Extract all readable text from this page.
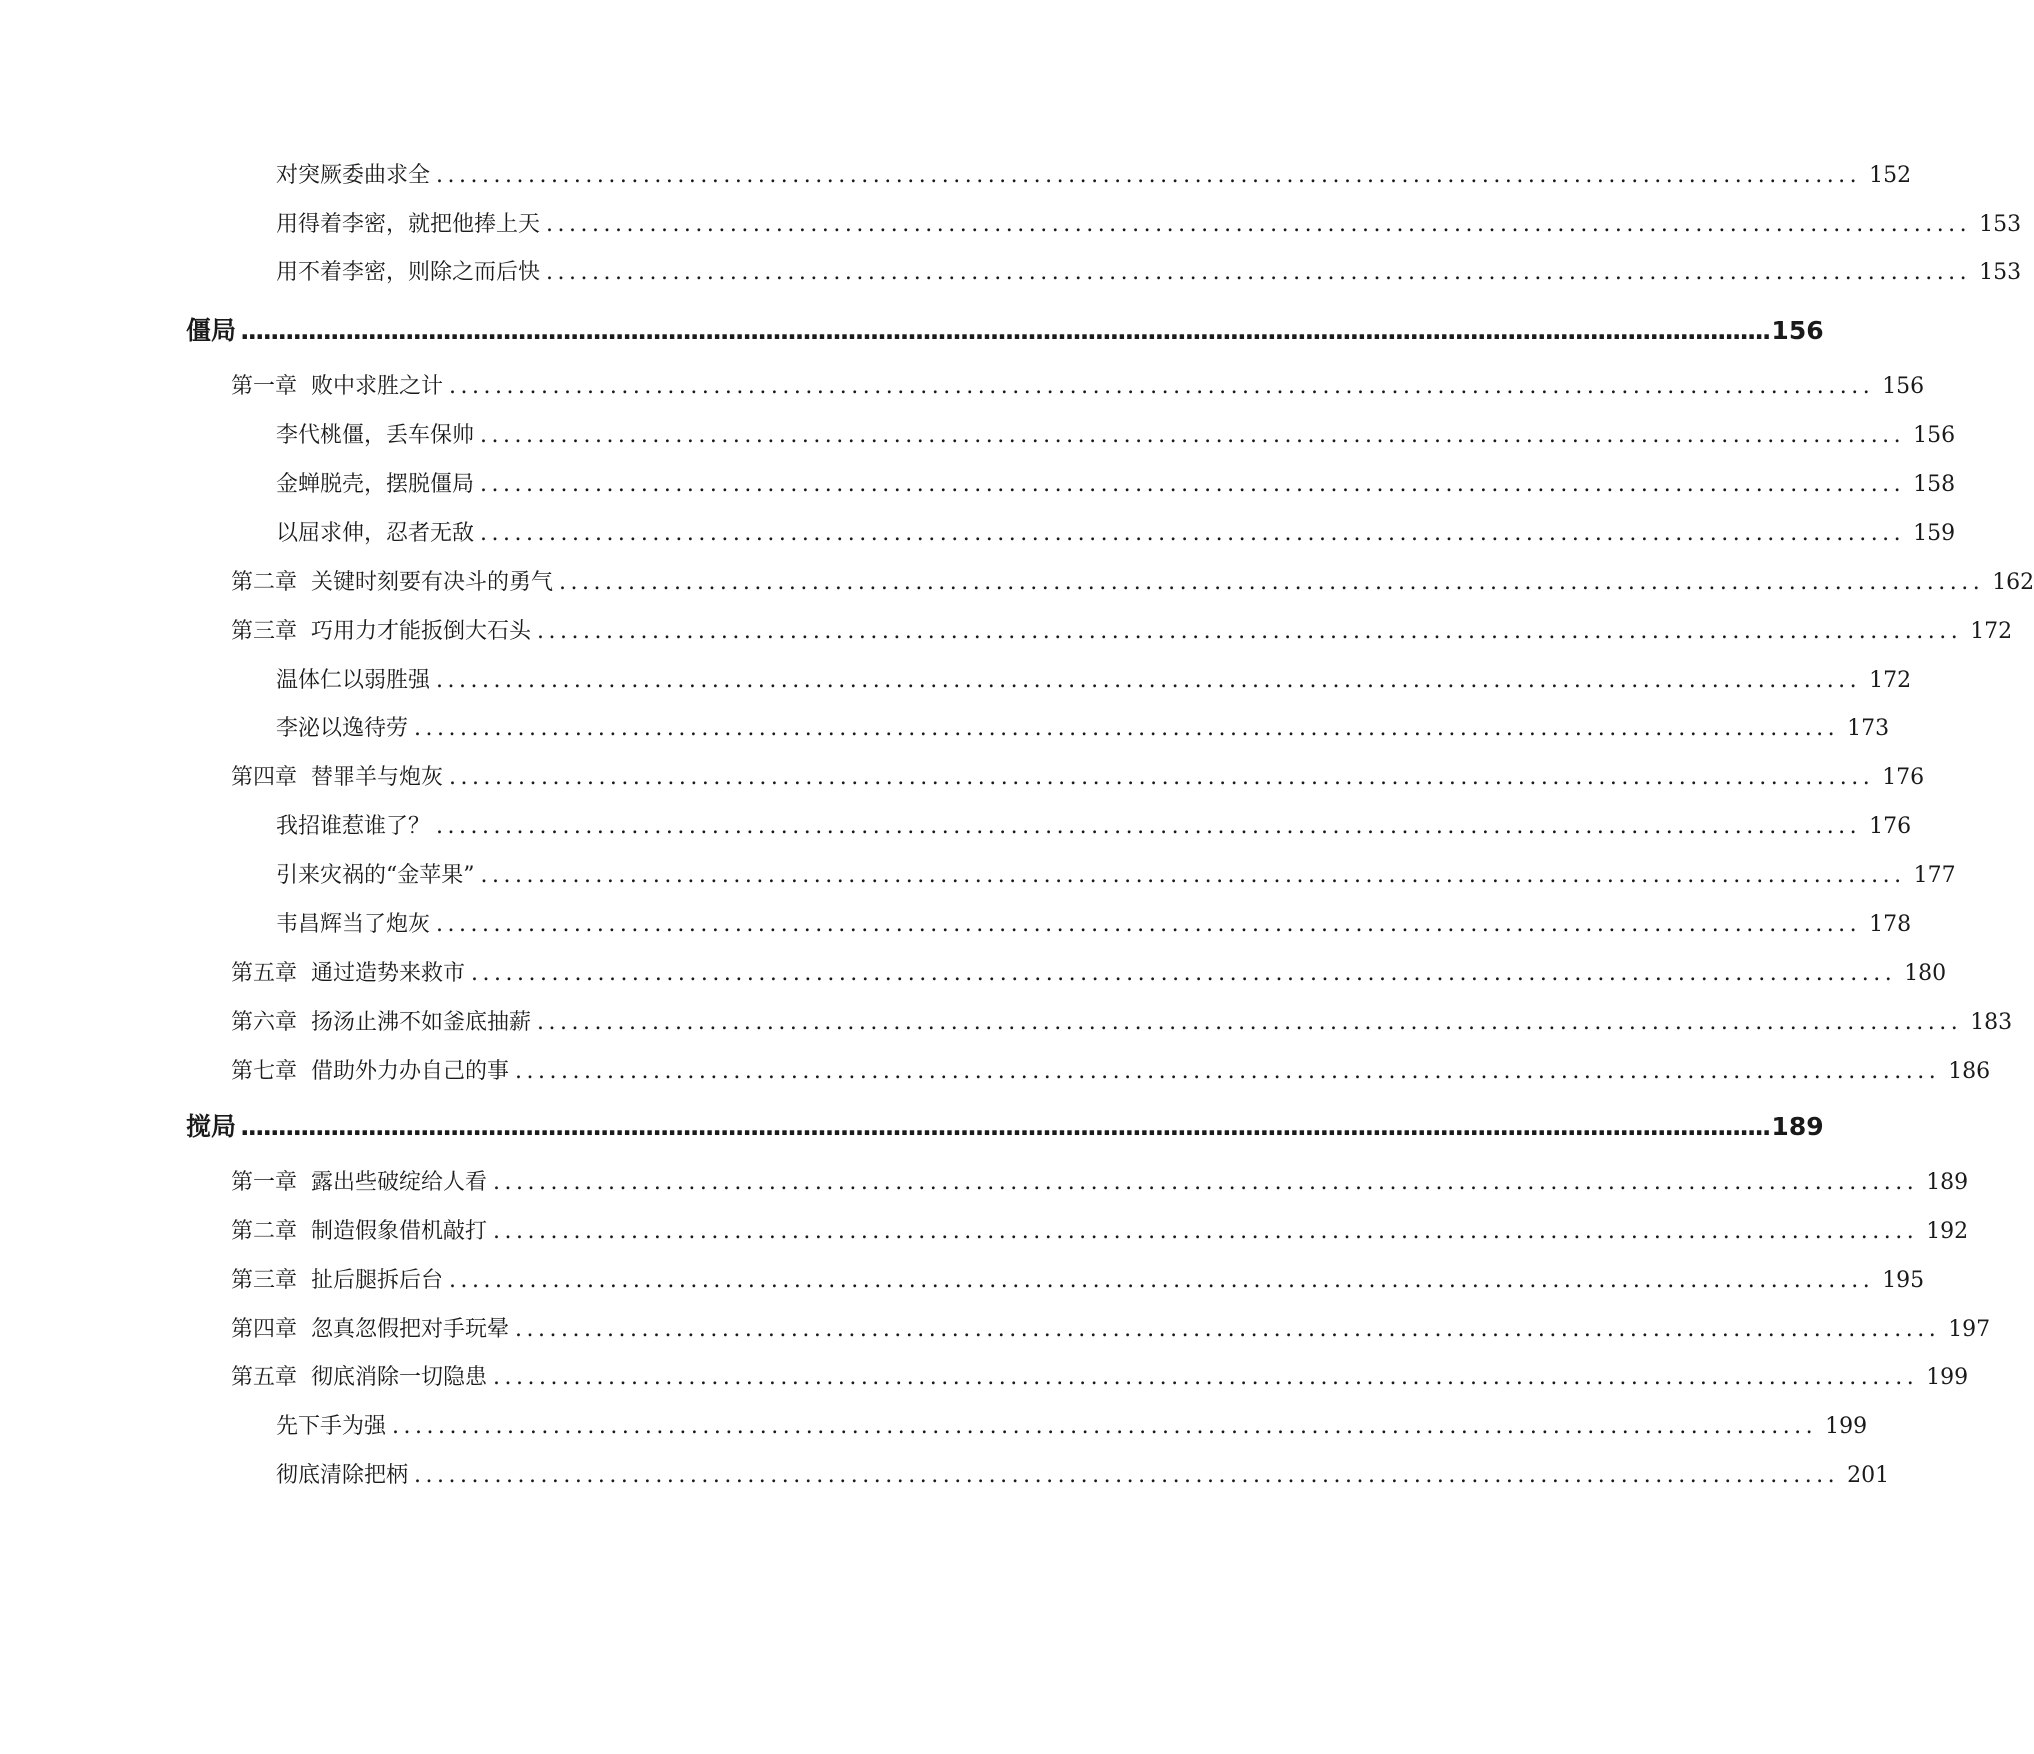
对突厥委曲求全 ............................................................................................................................ 152
用得着李密，就把他捧上天 ............................................................................................................................ 153
用不着李密，则除之而后快 ............................................................................................................................ 153
僵局 ............................................................................................................................................................................................................ 156
第一章 败中求胜之计 ............................................................................................................................ 156
李代桃僵，丢车保帅 ............................................................................................................................ 156
金蝉脱壳，摆脱僵局 ............................................................................................................................ 158
以屈求伸，忍者无敌 ............................................................................................................................ 159
第二章 关键时刻要有决斗的勇气 ............................................................................................................................ 162
第三章 巧用力才能扳倒大石头 ............................................................................................................................ 172
温体仁以弱胜强 ............................................................................................................................ 172
李泌以逸待劳 ............................................................................................................................ 173
第四章 替罪羊与炮灰 ............................................................................................................................ 176
我招谁惹谁了？ ............................................................................................................................ 176
引来灾祸的“金苹果” ............................................................................................................................ 177
韦昌辉当了炮灰 ............................................................................................................................ 178
第五章 通过造势来救市 ............................................................................................................................ 180
第六章 扬汤止沸不如釜底抽薪 ............................................................................................................................ 183
第七章 借助外力办自己的事 ............................................................................................................................ 186
搅局 ............................................................................................................................................................................................................ 189
第一章 露出些破绽给人看 ............................................................................................................................ 189
第二章 制造假象借机敲打 ............................................................................................................................ 192
第三章 扯后腿拆后台 ............................................................................................................................ 195
第四章 忽真忽假把对手玩晕 ............................................................................................................................ 197
第五章 彻底消除一切隐患 ............................................................................................................................ 199
先下手为强 ............................................................................................................................ 199
彻底清除把柄 ............................................................................................................................ 201
